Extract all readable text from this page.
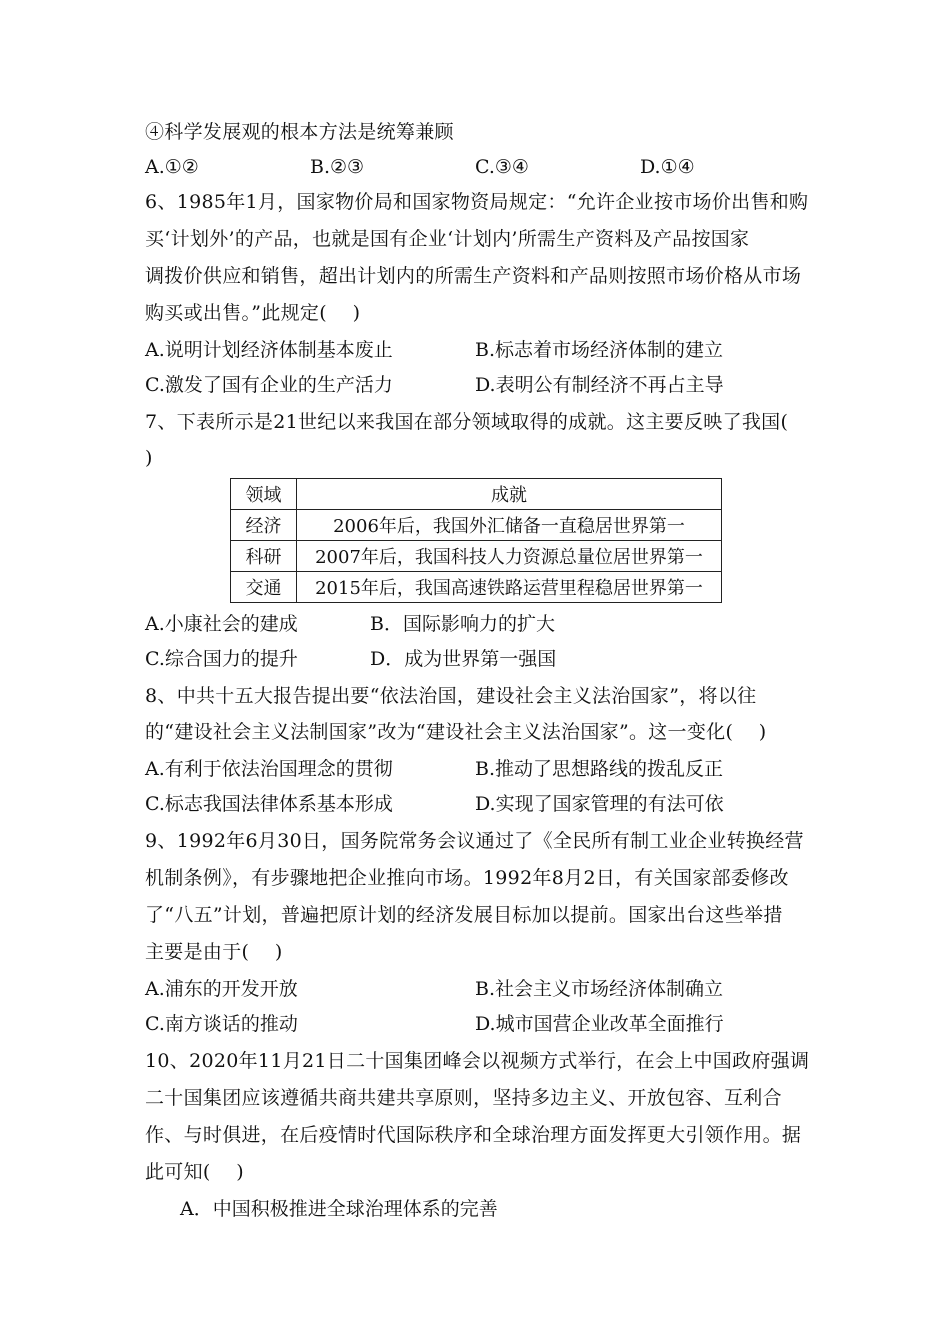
④科学发展观的根本方法是统筹兼顾
A.①②	B.②③	C.③④	D.①④
6、1985年1月，国家物价局和国家物资局规定：“允许企业按市场价出售和购
买‘计划外’的产品，也就是国有企业‘计划内’所需生产资料及产品按国家
调拨价供应和销售，超出计划内的所需生产资料和产品则按照市场价格从市场
购买或出售。”此规定(　 )
A.说明计划经济体制基本废止	B.标志着市场经济体制的建立
C.激发了国有企业的生产活力	D.表明公有制经济不再占主导
7、下表所示是21世纪以来我国在部分领域取得的成就。这主要反映了我国(
)
领域	成就
经济	2006年后，我国外汇储备一直稳居世界第一
科研	2007年后，我国科技人力资源总量位居世界第一
交通	2015年后，我国高速铁路运营里程稳居世界第一
A.小康社会的建成	B．国际影响力的扩大
C.综合国力的提升	D．成为世界第一强国
8、中共十五大报告提出要“依法治国，建设社会主义法治国家”，将以往
的“建设社会主义法制国家”改为“建设社会主义法治国家”。这一变化(　 )
A.有利于依法治国理念的贯彻	B.推动了思想路线的拨乱反正
C.标志我国法律体系基本形成	D.实现了国家管理的有法可依
9、1992年6月30日，国务院常务会议通过了《全民所有制工业企业转换经营
机制条例》，有步骤地把企业推向市场。1992年8月2日，有关国家部委修改
了“八五”计划，普遍把原计划的经济发展目标加以提前。国家出台这些举措
主要是由于(　 )
A.浦东的开发开放	B.社会主义市场经济体制确立
C.南方谈话的推动	D.城市国营企业改革全面推行
10、2020年11月21日二十国集团峰会以视频方式举行，在会上中国政府强调
二十国集团应该遵循共商共建共享原则，坚持多边主义、开放包容、互利合
作、与时俱进，在后疫情时代国际秩序和全球治理方面发挥更大引领作用。据
此可知(　 )
A．中国积极推进全球治理体系的完善
